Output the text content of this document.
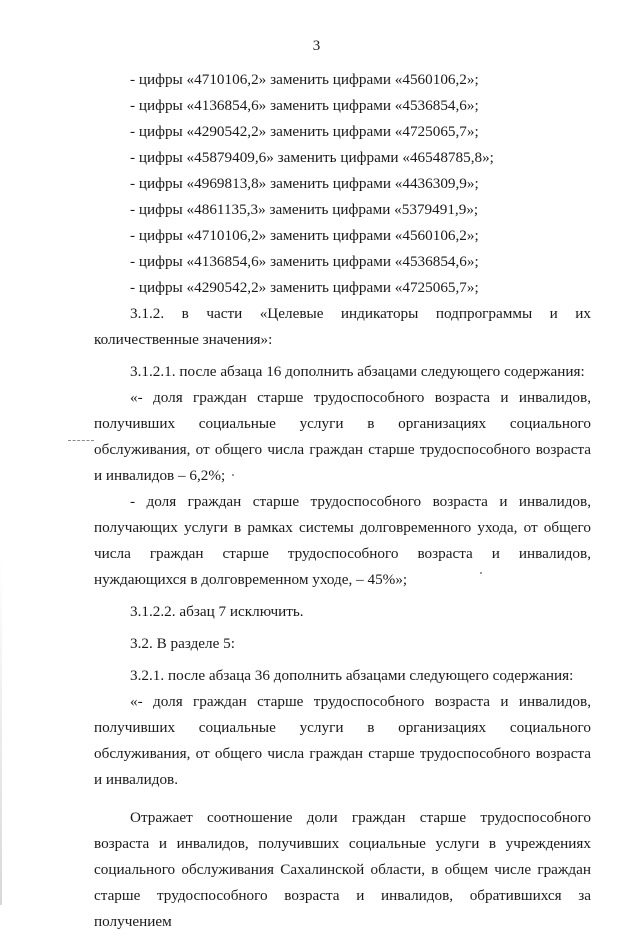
3

- цифры «4710106,2» заменить цифрами «4560106,2»;

- цифры «4136854,6» заменить цифрами «4536854,6»;

- цифры «4290542,2» заменить цифрами «4725065,7»;

- цифры «45879409,6» заменить цифрами «46548785,8»;

- цифры «4969813,8» заменить цифрами «4436309,9»;

- цифры «4861135,3» заменить цифрами «5379491,9»;

- цифры «4710106,2» заменить цифрами «4560106,2»;

- цифры «4136854,6» заменить цифрами «4536854,6»;

- цифры «4290542,2» заменить цифрами «4725065,7»;

3.1.2. в части «Целевые индикаторы подпрограммы и их количественные значения»:

3.1.2.1. после абзаца 16 дополнить абзацами следующего содержания:

«- доля граждан старше трудоспособного возраста и инвалидов, получивших социальные услуги в организациях социального обслуживания, от общего числа граждан старше трудоспособного возраста и инвалидов – 6,2%;

- доля граждан старше трудоспособного возраста и инвалидов, получающих услуги в рамках системы долговременного ухода, от общего числа граждан старше трудоспособного возраста и инвалидов, нуждающихся в долговременном уходе, – 45%»;

3.1.2.2. абзац 7 исключить.

3.2. В разделе 5:

3.2.1. после абзаца 36 дополнить абзацами следующего содержания:

«- доля граждан старше трудоспособного возраста и инвалидов, получивших социальные услуги в организациях социального обслуживания, от общего числа граждан старше трудоспособного возраста и инвалидов.

Отражает соотношение доли граждан старше трудоспособного возраста и инвалидов, получивших социальные услуги в учреждениях социального обслуживания Сахалинской области, в общем числе граждан старше трудоспособного возраста и инвалидов, обратившихся за получением
